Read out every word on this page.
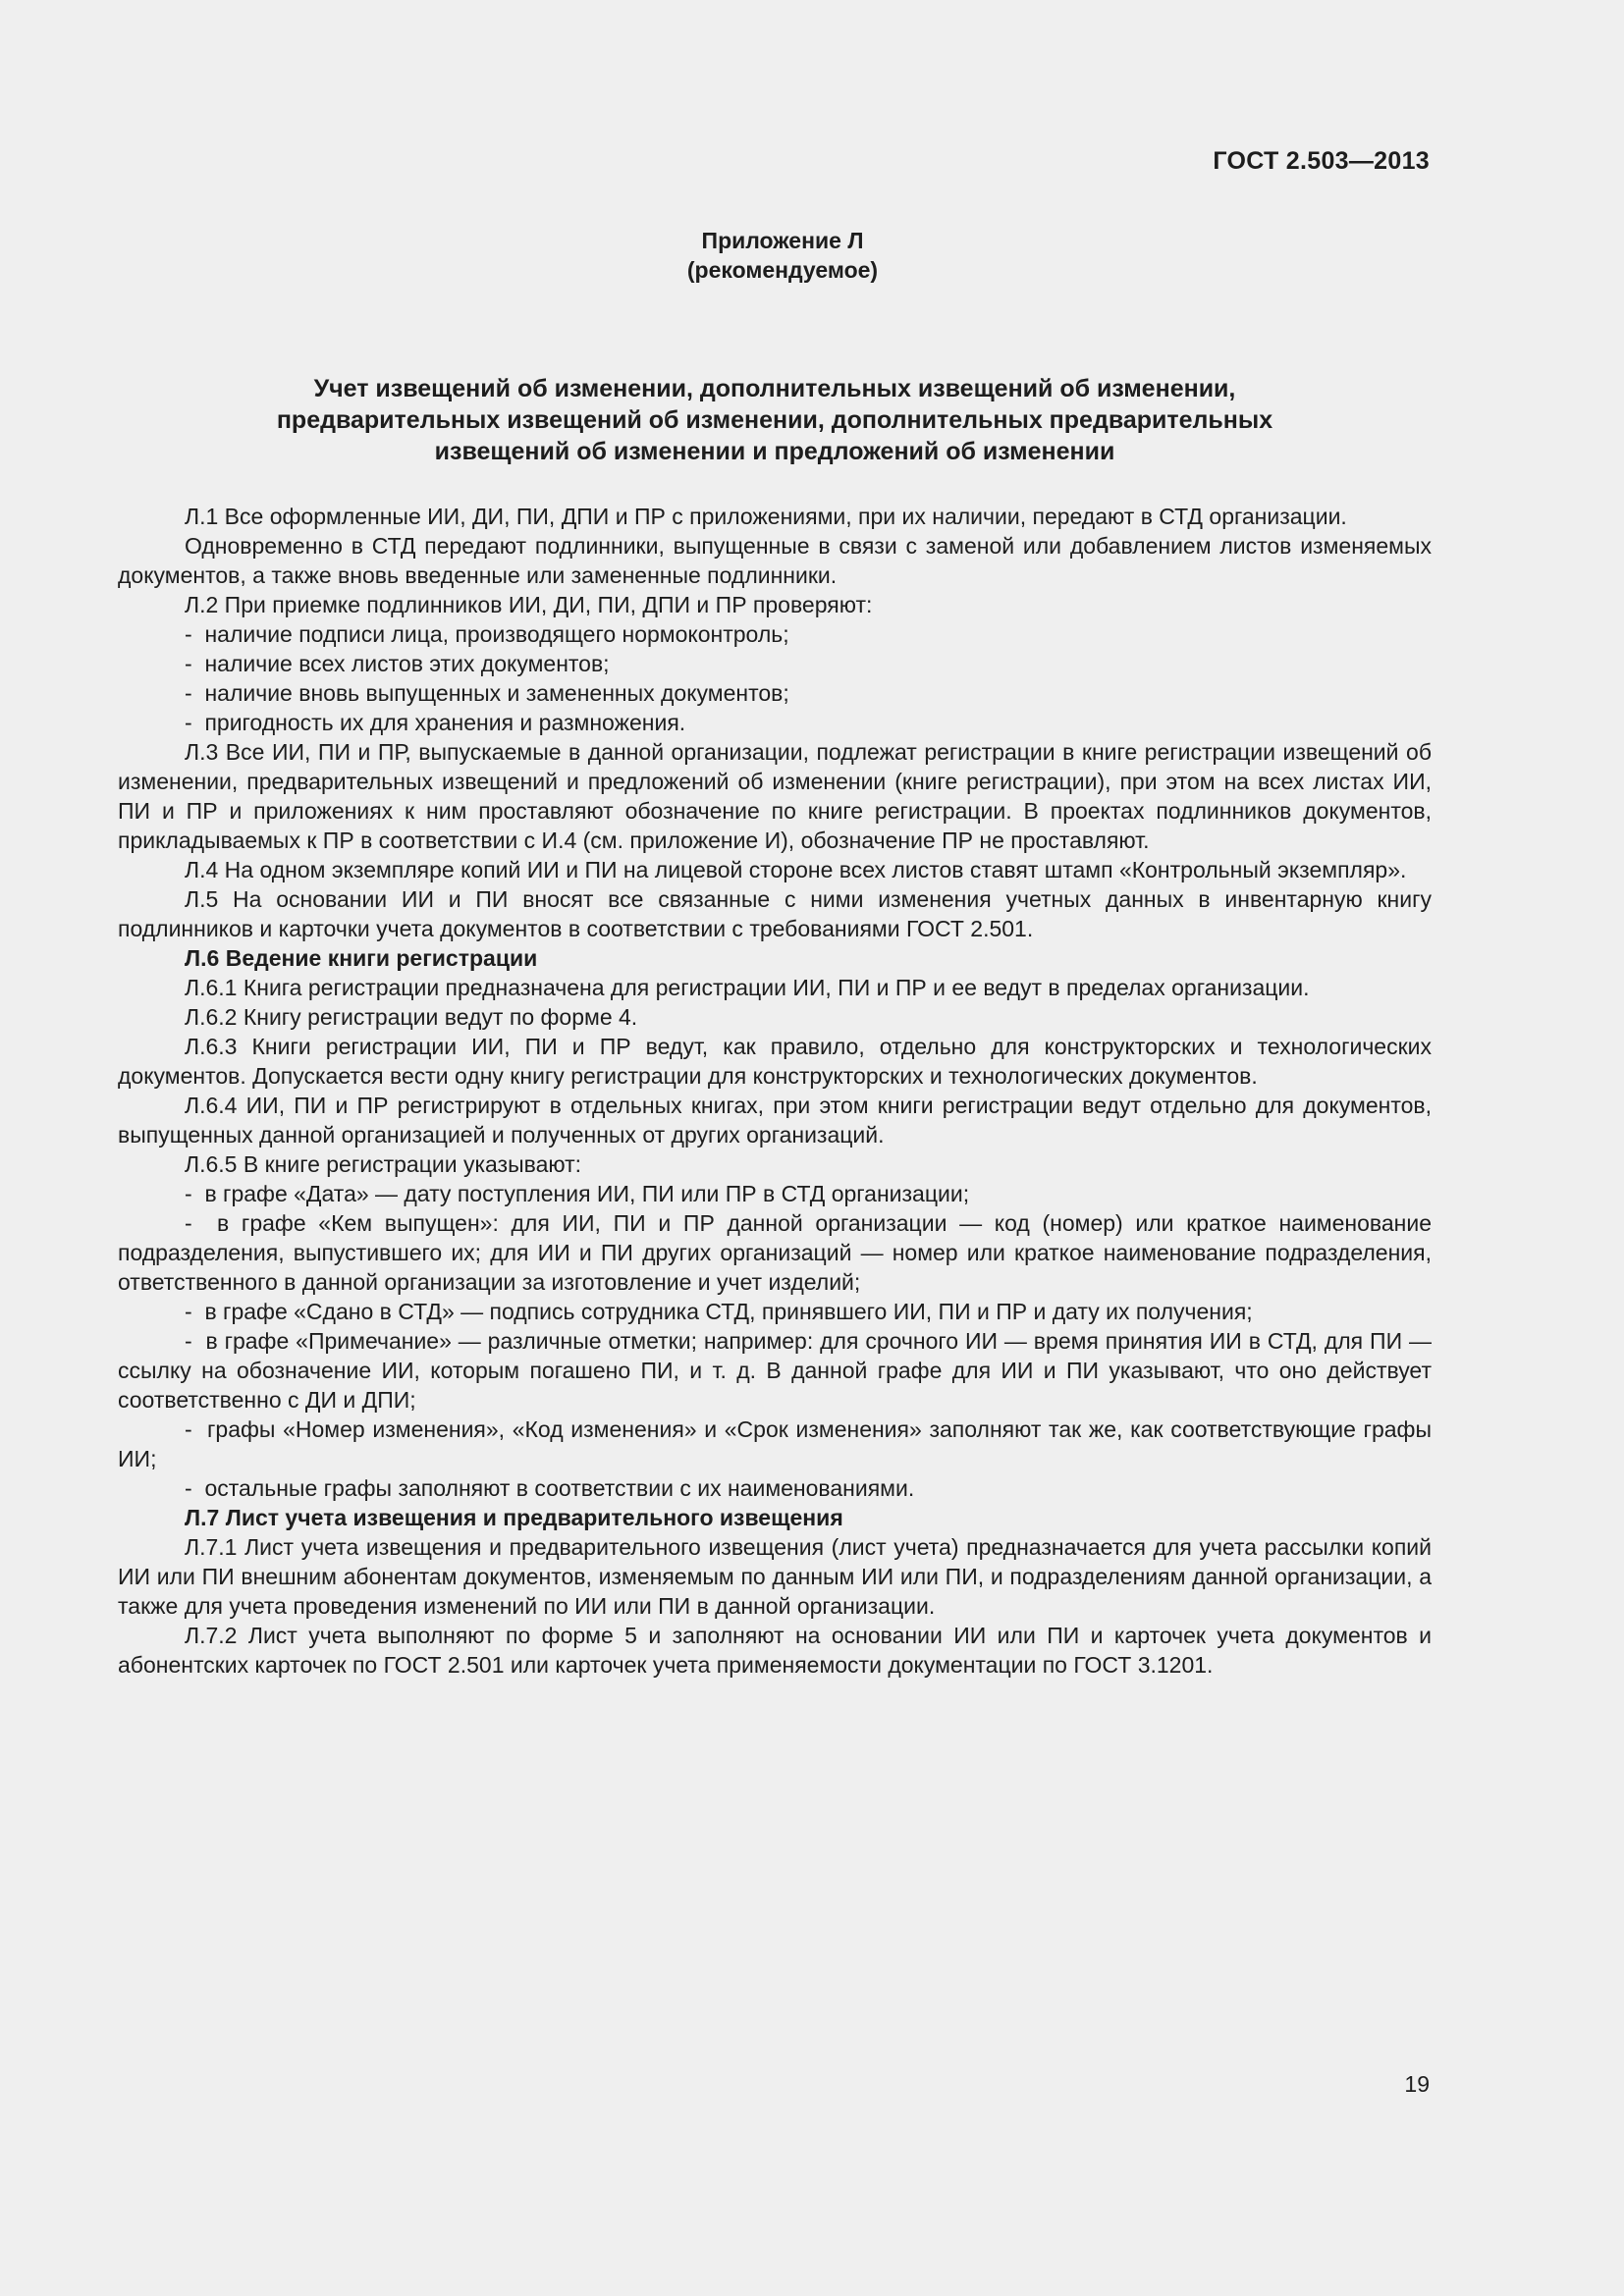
ГОСТ 2.503—2013
Приложение Л
(рекомендуемое)
Учет извещений об изменении, дополнительных извещений об изменении,
предварительных извещений об изменении, дополнительных предварительных
извещений об изменении и предложений об изменении

Л.1 Все оформленные ИИ, ДИ, ПИ, ДПИ и ПР с приложениями, при их наличии, передают в СТД организации.

Одновременно в СТД передают подлинники, выпущенные в связи с заменой или добавлением листов изменяемых документов, а также вновь введенные или замененные подлинники.

Л.2 При приемке подлинников ИИ, ДИ, ПИ, ДПИ и ПР проверяют:

-  наличие подписи лица, производящего нормоконтроль;

-  наличие всех листов этих документов;

-  наличие вновь выпущенных и замененных документов;

-  пригодность их для хранения и размножения.

Л.3 Все ИИ, ПИ и ПР, выпускаемые в данной организации, подлежат регистрации в книге регистрации извещений об изменении, предварительных извещений и предложений об изменении (книге регистрации), при этом на всех листах ИИ, ПИ и ПР и приложениях к ним проставляют обозначение по книге регистрации. В проектах подлинников документов, прикладываемых к ПР в соответствии с И.4 (см. приложение И), обозначение ПР не проставляют.

Л.4 На одном экземпляре копий ИИ и ПИ на лицевой стороне всех листов ставят штамп «Контрольный экземпляр».

Л.5 На основании ИИ и ПИ вносят все связанные с ними изменения учетных данных в инвентарную книгу подлинников и карточки учета документов в соответствии с требованиями ГОСТ 2.501.

Л.6 Ведение книги регистрации

Л.6.1 Книга регистрации предназначена для регистрации ИИ, ПИ и ПР и ее ведут в пределах организации.

Л.6.2 Книгу регистрации ведут по форме 4.

Л.6.3 Книги регистрации ИИ, ПИ и ПР ведут, как правило, отдельно для конструкторских и технологических документов. Допускается вести одну книгу регистрации для конструкторских и технологических документов.

Л.6.4 ИИ, ПИ и ПР регистрируют в отдельных книгах, при этом книги регистрации ведут отдельно для документов, выпущенных данной организацией и полученных от других организаций.

Л.6.5 В книге регистрации указывают:

-  в графе «Дата» — дату поступления ИИ, ПИ или ПР в СТД организации;

-  в графе «Кем выпущен»: для ИИ, ПИ и ПР данной организации — код (номер) или краткое наименование подразделения, выпустившего их; для ИИ и ПИ других организаций — номер или краткое наименование подразделения, ответственного в данной организации за изготовление и учет изделий;

-  в графе «Сдано в СТД» — подпись сотрудника СТД, принявшего ИИ, ПИ и ПР и дату их получения;

-  в графе «Примечание» — различные отметки; например: для срочного ИИ — время принятия ИИ в СТД, для ПИ — ссылку на обозначение ИИ, которым погашено ПИ, и т. д. В данной графе для ИИ и ПИ указывают, что оно действует соответственно с ДИ и ДПИ;

-  графы «Номер изменения», «Код изменения» и «Срок изменения» заполняют так же, как соответствующие графы ИИ;

-  остальные графы заполняют в соответствии с их наименованиями.

Л.7 Лист учета извещения и предварительного извещения

Л.7.1 Лист учета извещения и предварительного извещения (лист учета) предназначается для учета рассылки копий ИИ или ПИ внешним абонентам документов, изменяемым по данным ИИ или ПИ, и подразделениям данной организации, а также для учета проведения изменений по ИИ или ПИ в данной организации.

Л.7.2 Лист учета выполняют по форме 5 и заполняют на основании ИИ или ПИ и карточек учета документов и абонентских карточек по ГОСТ 2.501 или карточек учета применяемости документации по ГОСТ 3.1201.

19
